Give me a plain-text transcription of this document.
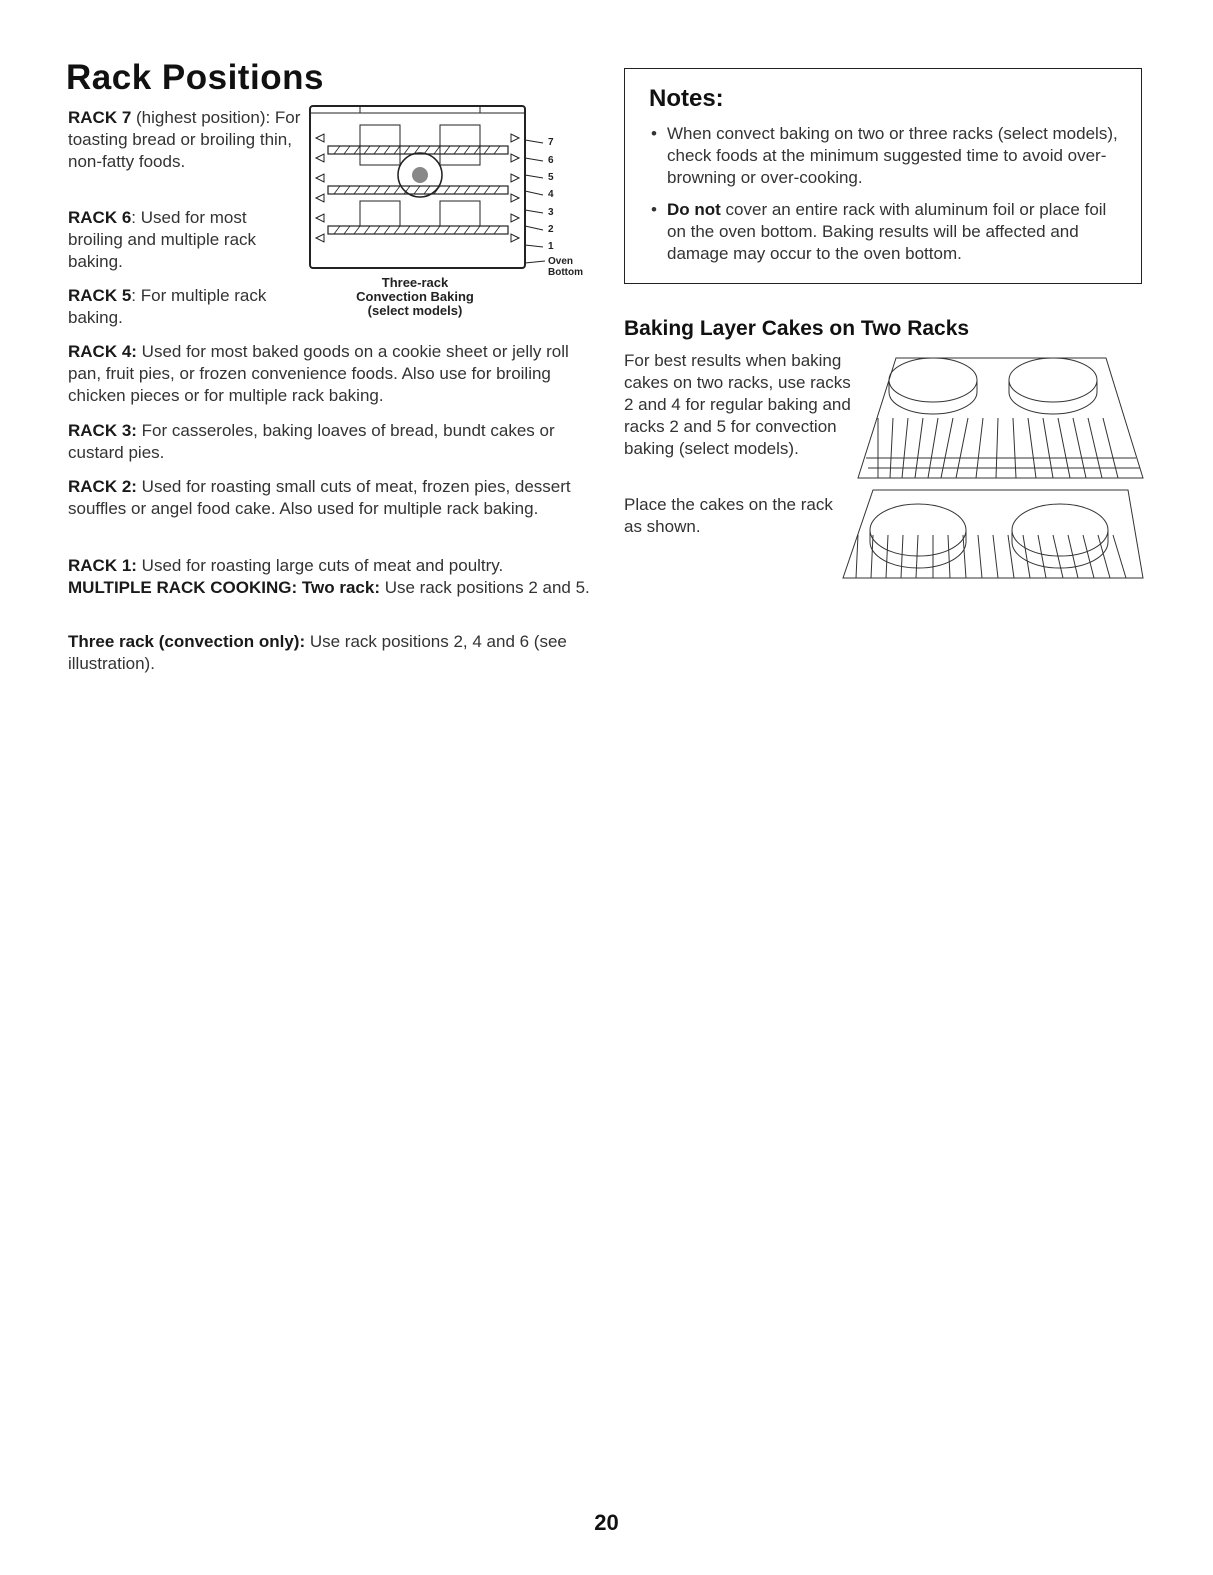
Rack Positions
RACK 7 (highest position): For toasting bread or broiling thin, non-fatty foods.
RACK 6: Used for most broiling and multiple rack baking.
RACK 5: For multiple rack baking.
7
6
5
4
3
2
1
Oven
Bottom
Three-rack
Convection Baking
(select models)
RACK 4: Used for most baked goods on a cookie sheet or jelly roll pan, fruit pies, or frozen convenience foods. Also use for broiling chicken pieces or for multiple rack baking.
RACK 3: For casseroles, baking loaves of bread, bundt cakes or custard pies.
RACK 2: Used for roasting small cuts of meat, frozen pies, dessert souffles or angel food cake. Also used for multiple rack baking.
RACK 1: Used for roasting large cuts of meat and poultry.
MULTIPLE RACK COOKING: Two rack: Use rack positions 2 and 5.
Three rack (convection only): Use rack positions 2, 4 and 6 (see illustration).
Notes:
• When convect baking on two or three racks (select models), check foods at the minimum suggested time to avoid over-browning or over-cooking.
• Do not cover an entire rack with aluminum foil or place foil on the oven bottom. Baking results will be affected and damage may occur to the oven bottom.
Baking Layer Cakes on Two Racks
For best results when baking cakes on two racks, use racks 2 and 4 for regular baking and racks 2 and 5 for convection baking (select models).
Place the cakes on the rack as shown.
20
